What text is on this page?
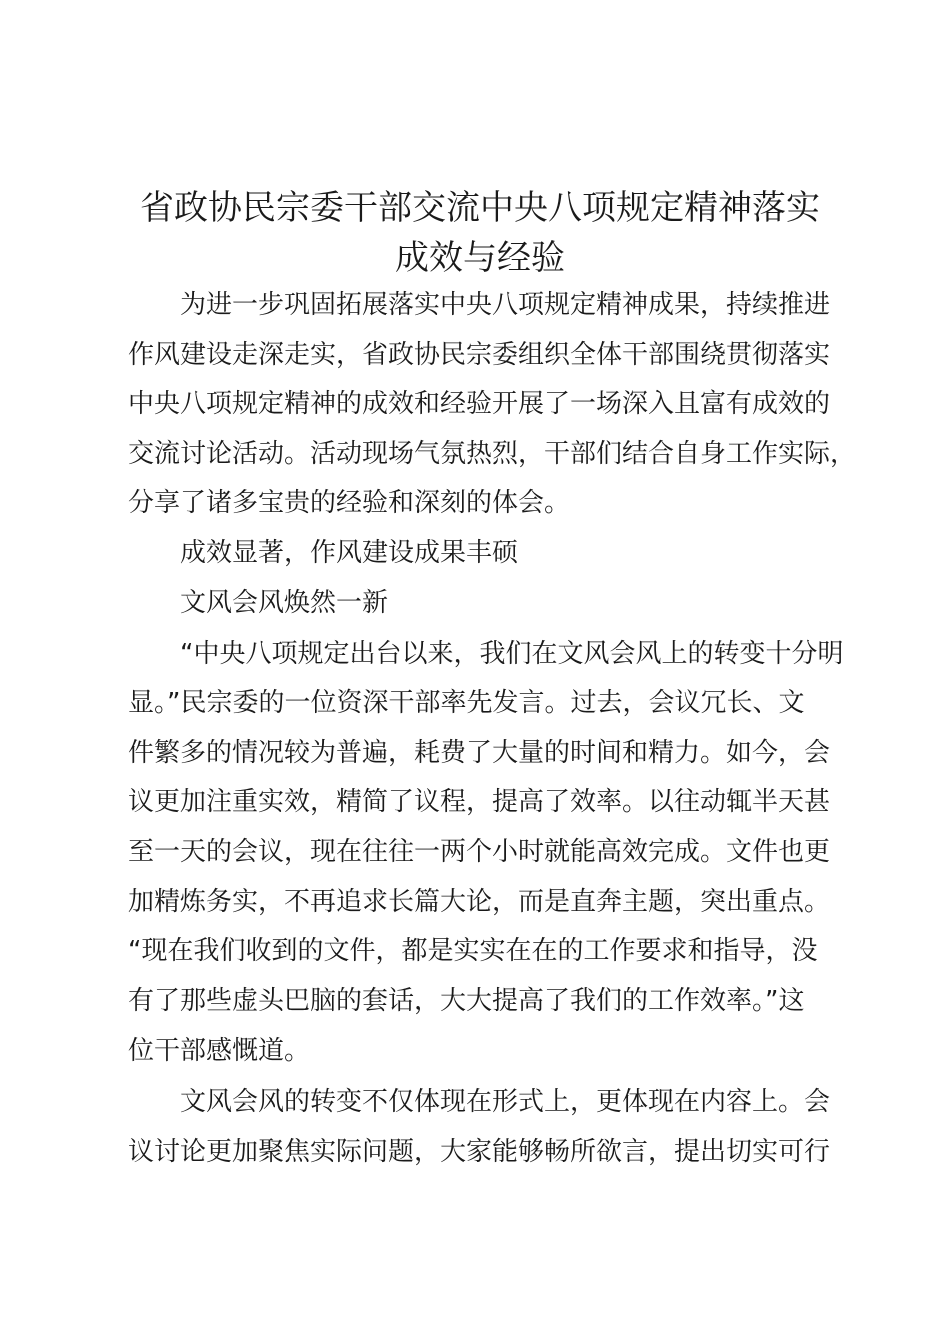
省政协民宗委干部交流中央八项规定精神落实
成效与经验

为进一步巩固拓展落实中央八项规定精神成果，持续推进

作风建设走深走实，省政协民宗委组织全体干部围绕贯彻落实

中央八项规定精神的成效和经验开展了一场深入且富有成效的

交流讨论活动。活动现场气氛热烈，干部们结合自身工作实际，

分享了诸多宝贵的经验和深刻的体会。

成效显著，作风建设成果丰硕

文风会风焕然一新

“中央八项规定出台以来，我们在文风会风上的转变十分明

显。”民宗委的一位资深干部率先发言。过去，会议冗长、文

件繁多的情况较为普遍，耗费了大量的时间和精力。如今，会

议更加注重实效，精简了议程，提高了效率。以往动辄半天甚

至一天的会议，现在往往一两个小时就能高效完成。文件也更

加精炼务实，不再追求长篇大论，而是直奔主题，突出重点。

“现在我们收到的文件，都是实实在在的工作要求和指导，没

有了那些虚头巴脑的套话，大大提高了我们的工作效率。”这

位干部感慨道。

文风会风的转变不仅体现在形式上，更体现在内容上。会

议讨论更加聚焦实际问题，大家能够畅所欲言，提出切实可行
